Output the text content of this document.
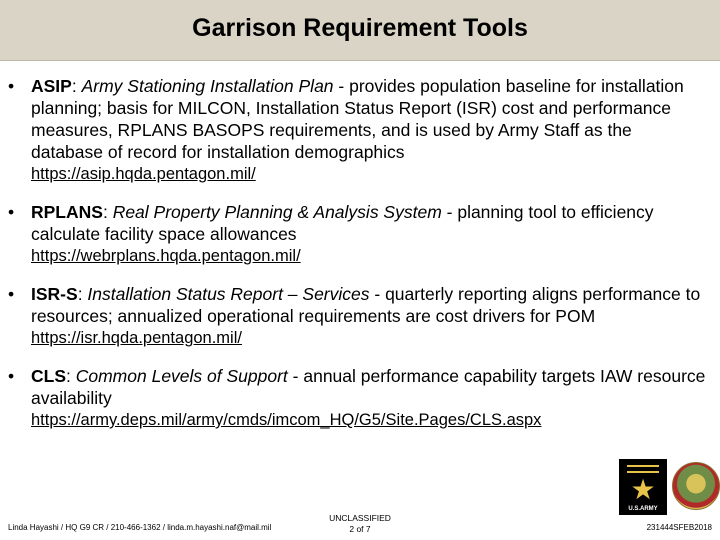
Garrison Requirement Tools
• ASIP: Army Stationing Installation Plan - provides population baseline for installation planning; basis for MILCON, Installation Status Report (ISR) cost and performance measures, RPLANS BASOPS requirements, and is used by Army Staff as the database of record for installation demographics
https://asip.hqda.pentagon.mil/
• RPLANS: Real Property Planning & Analysis System - planning tool to efficiency calculate facility space allowances
https://webrplans.hqda.pentagon.mil/
• ISR-S: Installation Status Report – Services - quarterly reporting aligns performance to resources; annualized operational requirements are cost drivers for POM
https://isr.hqda.pentagon.mil/
• CLS: Common Levels of Support - annual performance capability targets IAW resource availability
https://army.deps.mil/army/cmds/imcom_HQ/G5/Site.Pages/CLS.aspx
★
U.S.ARMY
Linda Hayashi / HQ G9 CR / 210-466-1362 / linda.m.hayashi.naf@mail.mil
UNCLASSIFIED
2 of 7	231444SFEB2018
